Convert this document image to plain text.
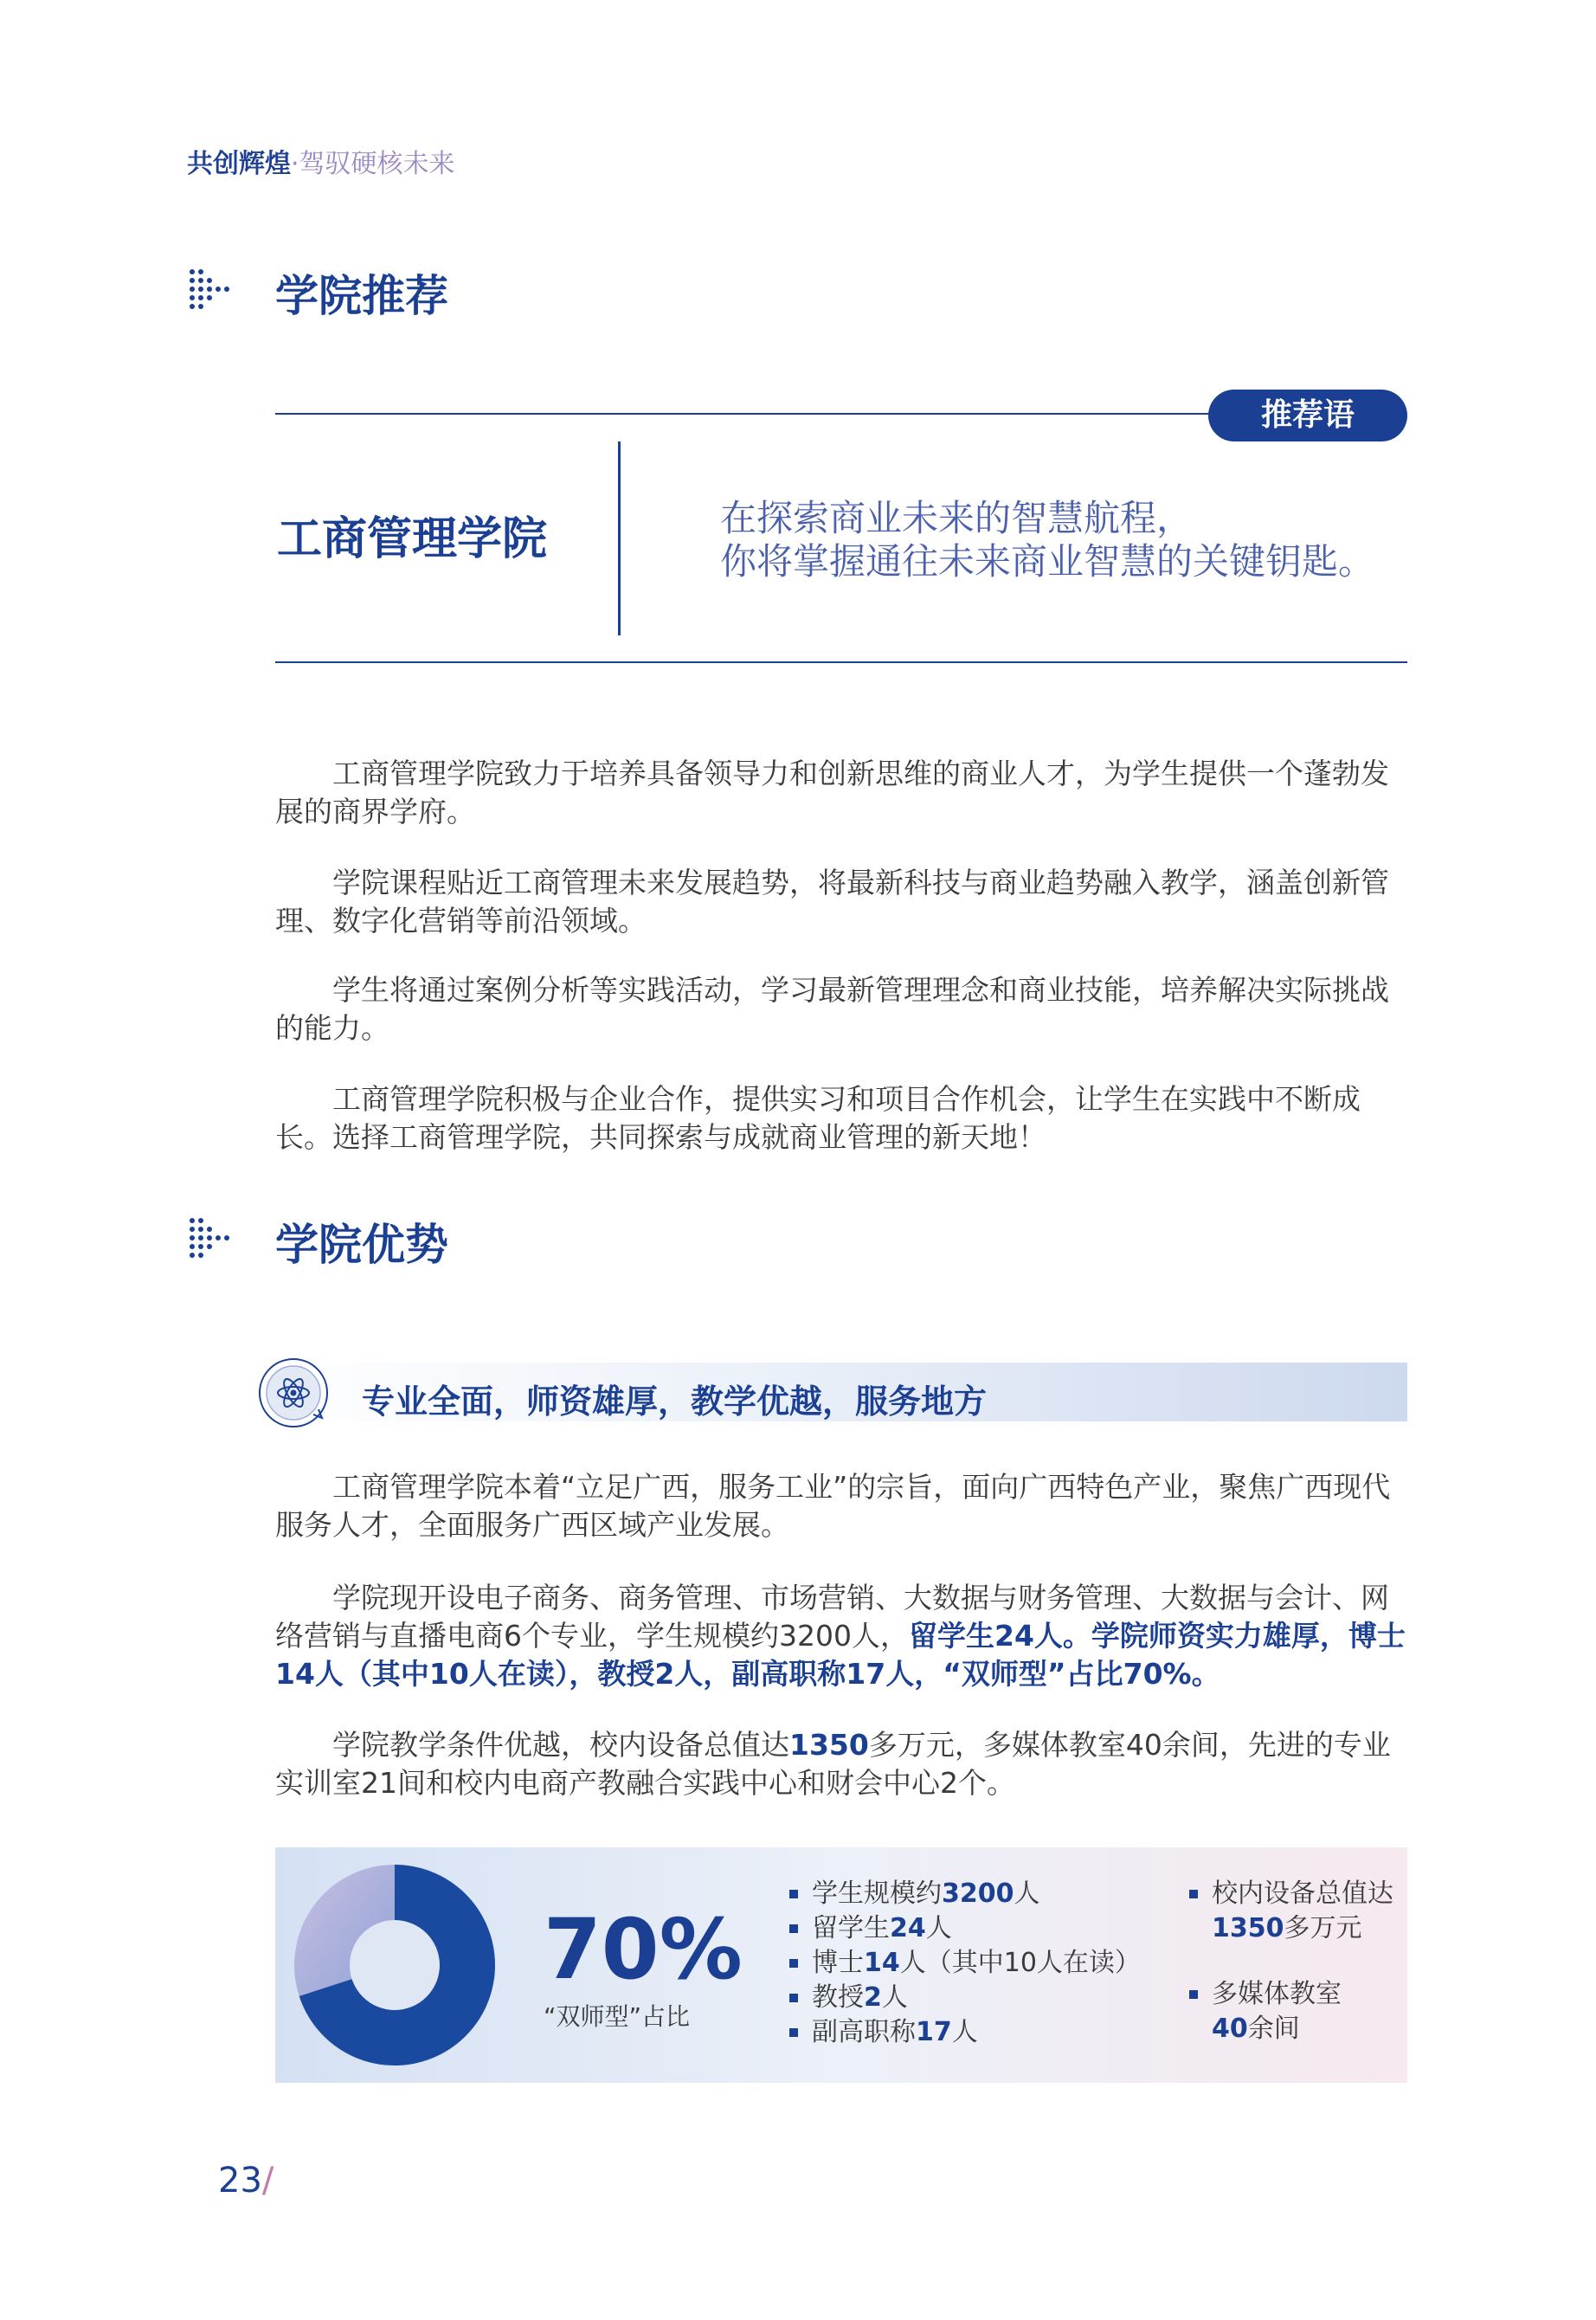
共创辉煌·驾驭硬核未来
学院推荐
推荐语
工商管理学院	在探索商业未来的智慧航程，
你将掌握通往未来商业智慧的关键钥匙。

工商管理学院致力于培养具备领导力和创新思维的商业人才，为学生提供一个蓬勃发展的商界学府。

学院课程贴近工商管理未来发展趋势，将最新科技与商业趋势融入教学，涵盖创新管理、数字化营销等前沿领域。

学生将通过案例分析等实践活动，学习最新管理理念和商业技能，培养解决实际挑战的能力。

工商管理学院积极与企业合作，提供实习和项目合作机会，让学生在实践中不断成长。选择工商管理学院，共同探索与成就商业管理的新天地！

学院优势
专业全面，师资雄厚，教学优越，服务地方

工商管理学院本着“立足广西，服务工业”的宗旨，面向广西特色产业，聚焦广西现代服务人才，全面服务广西区域产业发展。

学院现开设电子商务、商务管理、市场营销、大数据与财务管理、大数据与会计、网络营销与直播电商6个专业，学生规模约3200人，留学生24人。学院师资实力雄厚，博士14人（其中10人在读），教授2人，副高职称17人，“双师型”占比70%。

学院教学条件优越，校内设备总值达1350多万元，多媒体教室40余间，先进的专业实训室21间和校内电商产教融合实践中心和财会中心2个。

70%
“双师型”占比
学生规模约3200人
留学生24人
博士14人（其中10人在读）
教授2人
副高职称17人
校内设备总值达
1350多万元
多媒体教室
40余间
23/
